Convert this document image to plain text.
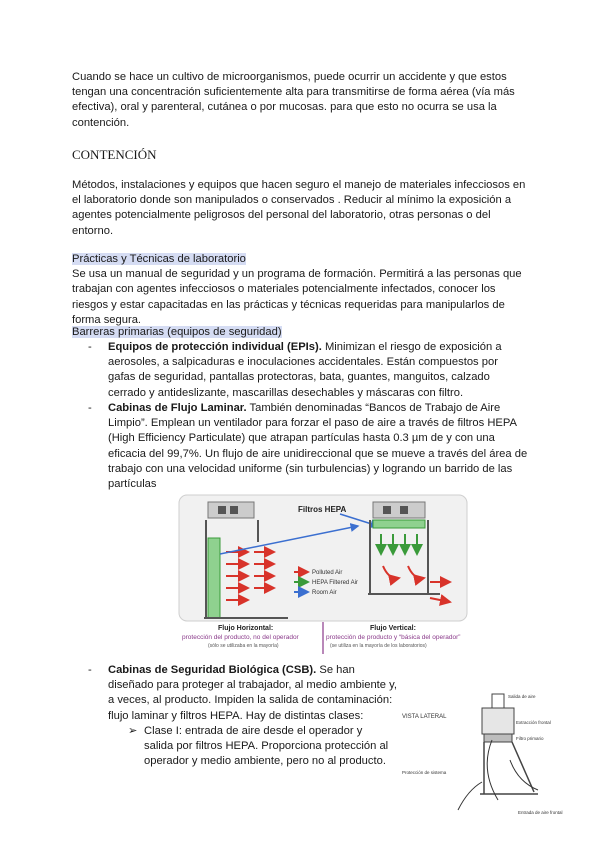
Cuando se hace un cultivo de microorganismos, puede ocurrir un accidente y que estos tengan una concentración suficientemente alta para transmitirse de forma aérea (vía más efectiva), oral y parenteral, cutánea o por mucosas. para que esto no ocurra se usa la contención.

CONTENCIÓN

Métodos, instalaciones y equipos que hacen seguro el manejo de materiales infecciosos en el laboratorio donde son manipulados o conservados . Reducir al mínimo la exposición a agentes potencialmente peligrosos del personal del laboratorio, otras personas o del entorno.

Prácticas y Técnicas de laboratorio
Se usa un manual de seguridad y un programa de formación. Permitirá a las personas que trabajan con agentes infecciosos o materiales potencialmente infectados, conocer los riesgos y estar capacitadas en las prácticas y técnicas requeridas para manipularlos de forma segura.

Barreras primarias (equipos de seguridad)

- Equipos de protección individual (EPIs). Minimizan el riesgo de exposición a aerosoles, a salpicaduras e inoculaciones accidentales. Están compuestos por gafas de seguridad, pantallas protectoras, bata, guantes, manguitos, calzado cerrado y antideslizante, mascarillas desechables y máscaras con filtro.
- Cabinas de Flujo Laminar. También denominadas “Bancos de Trabajo de Aire Limpio”. Emplean un ventilador para forzar el paso de aire a través de filtros HEPA (High Efficiency Particulate) que atrapan partículas hasta 0.3 µm de y con una eficacia del 99,7%. Un flujo de aire unidireccional que se mueve a través del área de trabajo con una velocidad uniforme (sin turbulencias) y logrando un barrido de las partículas
Filtros HEPA
Polluted Air
HEPA Filtered Air
Room Air
Flujo Horizontal:
protección del producto, no del operador
(sólo se utilizaba en la mayoría)
Flujo Vertical:
protección de producto y “básica del operador”
(se utiliza en la mayoría de los laboratorios)
- Cabinas de Seguridad Biológica (CSB). Se han diseñado para proteger al trabajador, al medio ambiente y, a veces, al producto. Impiden la salida de contaminación: flujo laminar y filtros HEPA. Hay de distintas clases:
➢ Clase I: entrada de aire desde el operador y salida por filtros HEPA. Proporciona protección al operador y medio ambiente, pero no al producto.
VISTA LATERAL
Salida de aire
Filtro primario
Extracción frontal
Protección de sistema
Entrada de aire frontal
